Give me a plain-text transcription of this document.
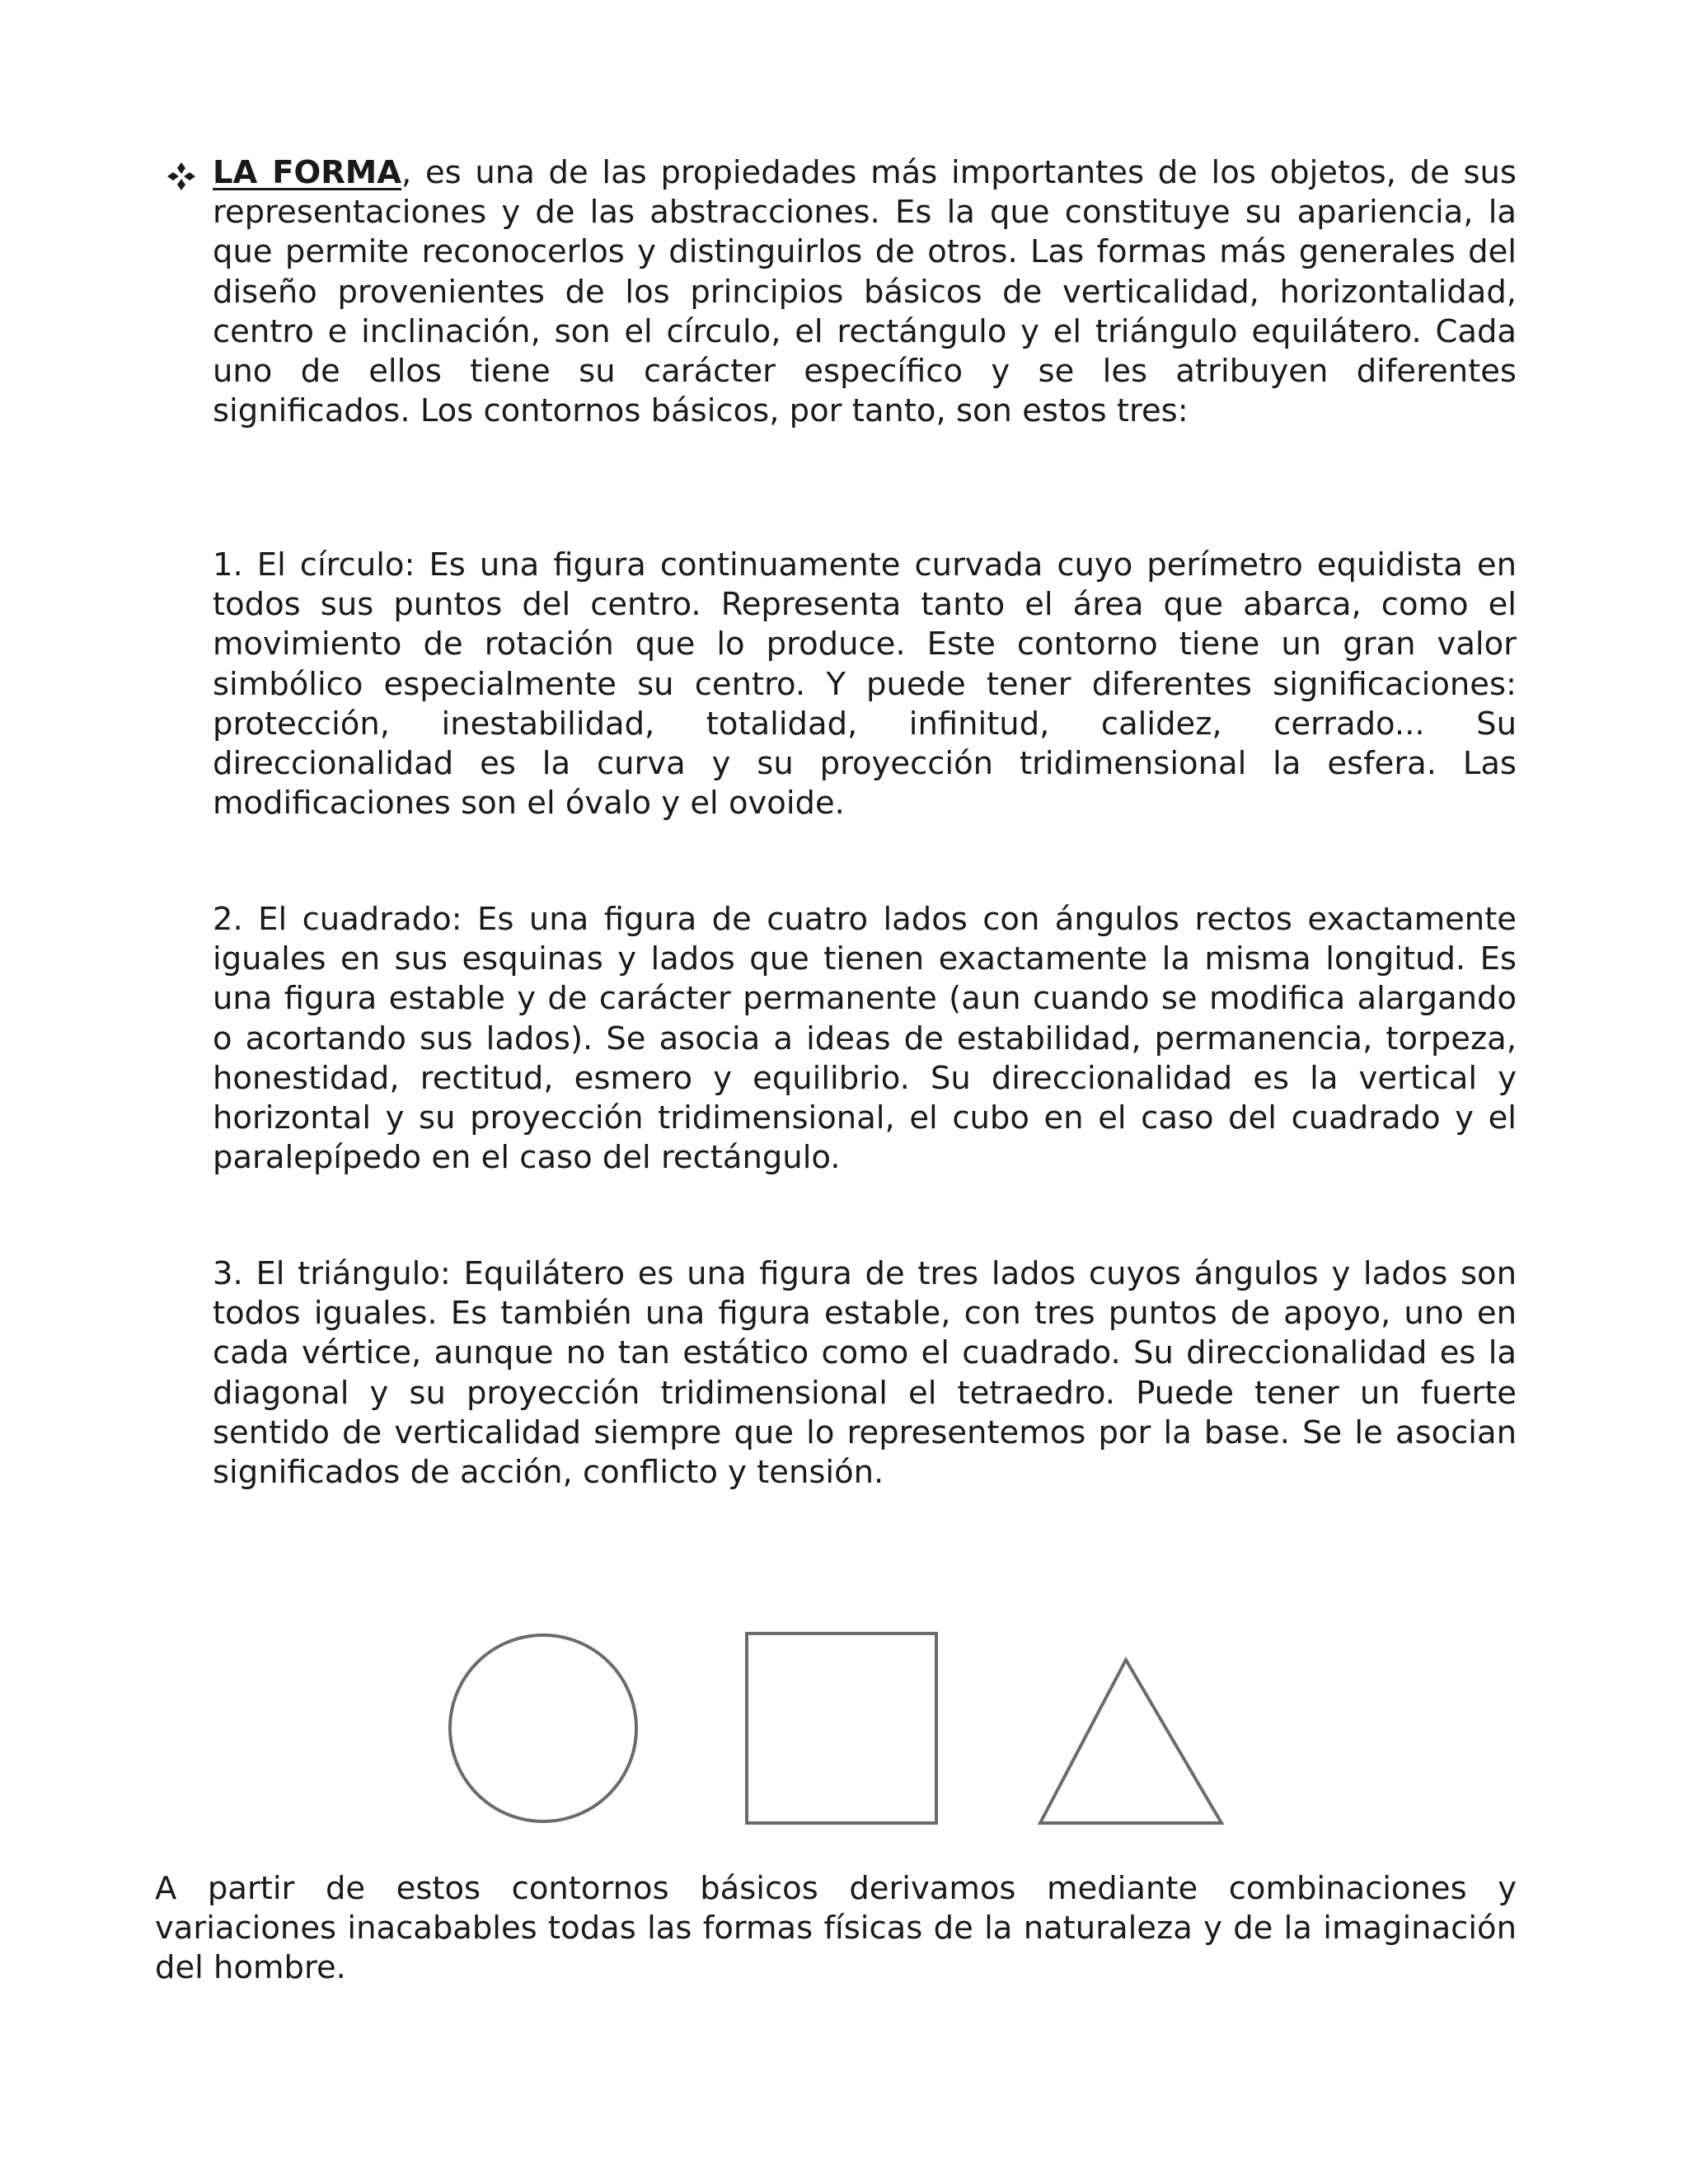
LA FORMA, es una de las propiedades más importantes de los objetos, de sus representaciones y de las abstracciones. Es la que constituye su apariencia, la que permite reconocerlos y distinguirlos de otros. Las formas más generales del diseño provenientes de los principios básicos de verticalidad, horizontalidad, centro e inclinación, son el círculo, el rectángulo y el triángulo equilátero. Cada uno de ellos tiene su carácter específico y se les atribuyen diferentes significados. Los contornos básicos, por tanto, son estos tres:

1. El círculo: Es una figura continuamente curvada cuyo perímetro equidista en todos sus puntos del centro. Representa tanto el área que abarca, como el movimiento de rotación que lo produce. Este contorno tiene un gran valor simbólico especialmente su centro. Y puede tener diferentes significaciones: protección, inestabilidad, totalidad, infinitud, calidez, cerrado... Su direccionalidad es la curva y su proyección tridimensional la esfera. Las modificaciones son el óvalo y el ovoide.

2. El cuadrado: Es una figura de cuatro lados con ángulos rectos exactamente iguales en sus esquinas y lados que tienen exactamente la misma longitud. Es una figura estable y de carácter permanente (aun cuando se modifica alargando o acortando sus lados). Se asocia a ideas de estabilidad, permanencia, torpeza, honestidad, rectitud, esmero y equilibrio. Su direccionalidad es la vertical y horizontal y su proyección tridimensional, el cubo en el caso del cuadrado y el paralepípedo en el caso del rectángulo.

3. El triángulo: Equilátero es una figura de tres lados cuyos ángulos y lados son todos iguales. Es también una figura estable, con tres puntos de apoyo, uno en cada vértice, aunque no tan estático como el cuadrado. Su direccionalidad es la diagonal y su proyección tridimensional el tetraedro. Puede tener un fuerte sentido de verticalidad siempre que lo representemos por la base. Se le asocian significados de acción, conflicto y tensión.

A partir de estos contornos básicos derivamos mediante combinaciones y variaciones inacabables todas las formas físicas de la naturaleza y de la imaginación del hombre.
